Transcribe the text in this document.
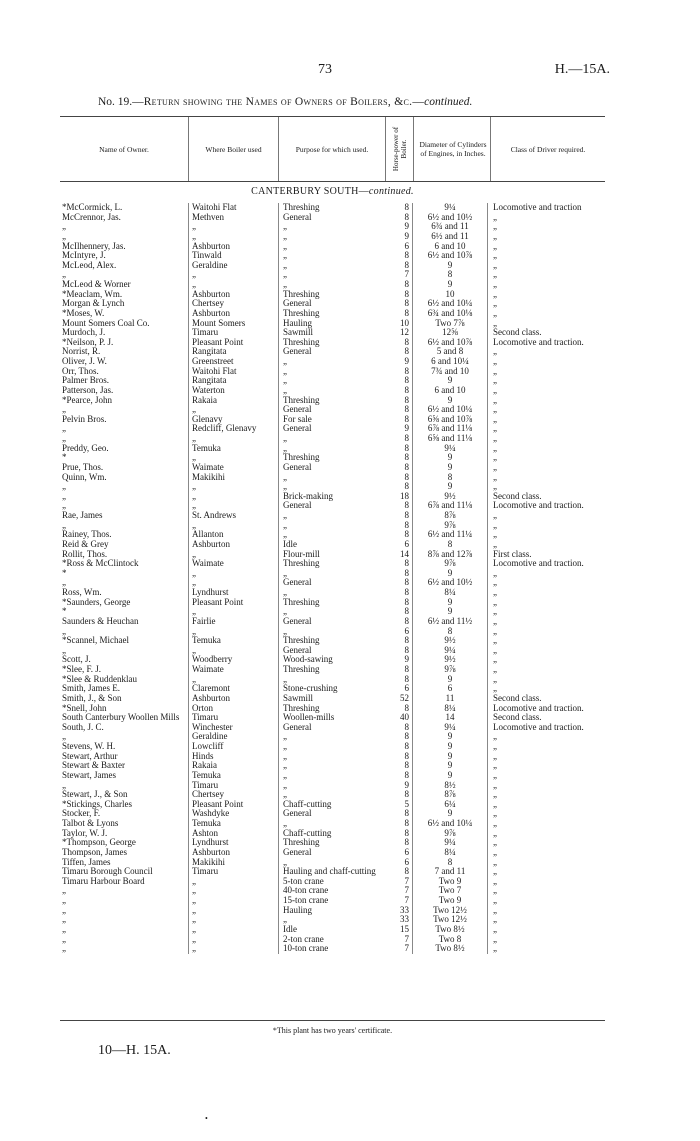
73	H.—15A.
No. 19.—Return showing the Names of Owners of Boilers, &c.—continued.
Name of Owner.	Where Boiler used	Purpose for which used.	Horse-power of Boiler.	Diameter of Cylinders of Engines, in Inches.	Class of Driver required.
CANTERBURY SOUTH—continued.
*McCormick, L.	Waitohi Flat	Threshing	8	9¼	Locomotive and traction
McCrennor, Jas.	Methven	General	8	6½ and 10½	„
„	„	„	9	6¾ and 11	„
„	„	„	9	6½ and 11	„
McIlhennery, Jas.	Ashburton	„	6	6 and 10	„
McIntyre, J.	Tinwald	„	8	6½ and 10⅞	„
McLeod, Alex.	Geraldine	„	8	9	„
„	„	„	7	8	„
McLeod & Worner	„	„	8	9	„
*Meaclam, Wm.	Ashburton	Threshing	8	10	„
Morgan & Lynch	Chertsey	General	8	6½ and 10¼	„
*Moses, W.	Ashburton	Threshing	8	6¾ and 10⅛	„
Mount Somers Coal Co.	Mount Somers	Hauling	10	Two 7⅞	„
Murdoch, J.	Timaru	Sawmill	12	12⅝	Second class.
*Neilson, P. J.	Pleasant Point	Threshing	8	6½ and 10⅞	Locomotive and traction.
Norrist, R.	Rangitata	General	8	5 and 8	„
Oliver, J. W.	Greenstreet	„	9	6 and 10¼	„
Orr, Thos.	Waitohi Flat	„	8	7¾ and 10	„
Palmer Bros.	Rangitata	„	8	9	„
Patterson, Jas.	Waterton	„	8	6 and 10	„
*Pearce, John	Rakaia	Threshing	8	9	„
„	„	General	8	6½ and 10¼	„
Pelvin Bros.	Glenavy	For sale	8	6⅝ and 10⅞	„
„	Redcliff, Glenavy	General	9	6⅞ and 11⅛	„
„	„	„	8	6⅝ and 11⅛	„
Preddy, Geo.	Temuka	„	8	9¼	„
*	„	Threshing	8	9	„
Prue, Thos.	Waimate	General	8	9	„
Quinn, Wm.	Makikihi	„	8	8	„
„	„	„	8	9	„
„	„	Brick-making	18	9½	Second class.
„	„	General	8	6⅞ and 11⅛	Locomotive and traction.
Rae, James	St. Andrews	„	8	8⅞	„
„	„	„	8	9⅞	„
Rainey, Thos.	Allanton	„	8	6½ and 11¼	„
Reid & Grey	Ashburton	Idle	6	8	„
Rollit, Thos.	„	Flour-mill	14	8⅞ and 12⅞	First class.
*Ross & McClintock	Waimate	Threshing	8	9⅞	Locomotive and traction.
*	„	„	8	9	„
„	„	General	8	6½ and 10½	„
Ross, Wm.	Lyndhurst	„	8	8¼	„
*Saunders, George	Pleasant Point	Threshing	8	9	„
*	„	„	8	9	„
Saunders & Heuchan	Fairlie	General	8	6½ and 11½	„
„	„	„	6	8	„
*Scannel, Michael	Temuka	Threshing	8	9½	„
„	„	General	8	9¼	„
Scott, J.	Woodberry	Wood-sawing	9	9½	„
*Slee, F. J.	Waimate	Threshing	8	9⅞	„
*Slee & Ruddenklau	„	„	8	9	„
Smith, James E.	Claremont	Stone-crushing	6	6	„
Smith, J., & Son	Ashburton	Sawmill	52	11	Second class.
*Snell, John	Orton	Threshing	8	8¼	Locomotive and traction.
South Canterbury Woollen Mills	Timaru	Woollen-mills	40	14	Second class.
South, J. C.	Winchester	General	8	9¼	Locomotive and traction.
„	Geraldine	„	8	9	„
Stevens, W. H.	Lowcliff	„	8	9	„
Stewart, Arthur	Hinds	„	8	9	„
Stewart & Baxter	Rakaia	„	8	9	„
Stewart, James	Temuka	„	8	9	„
„	Timaru	„	9	8½	„
Stewart, J., & Son	Chertsey	„	8	8⅞	„
*Stickings, Charles	Pleasant Point	Chaff-cutting	5	6¼	„
Stocker, F.	Washdyke	General	8	9	„
Talbot & Lyons	Temuka	„	8	6½ and 10¼	„
Taylor, W. J.	Ashton	Chaff-cutting	8	9⅞	„
*Thompson, George	Lyndhurst	Threshing	8	9¼	„
Thompson, James	Ashburton	General	6	8¼	„
Tiffen, James	Makikihi	„	6	8	„
Timaru Borough Council	Timaru	Hauling and chaff-cutting	8	7 and 11	„
Timaru Harbour Board	„	5-ton crane	7	Two 9	„
„	„	40-ton crane	7	Two 7	„
„	„	15-ton crane	7	Two 9	„
„	„	Hauling	33	Two 12½	„
„	„	„	33	Two 12½	„
„	„	Idle	15	Two 8½	„
„	„	2-ton crane	7	Two 8	„
„	„	10-ton crane	7	Two 8½	„
*This plant has two years' certificate.
10—H. 15A.
•
